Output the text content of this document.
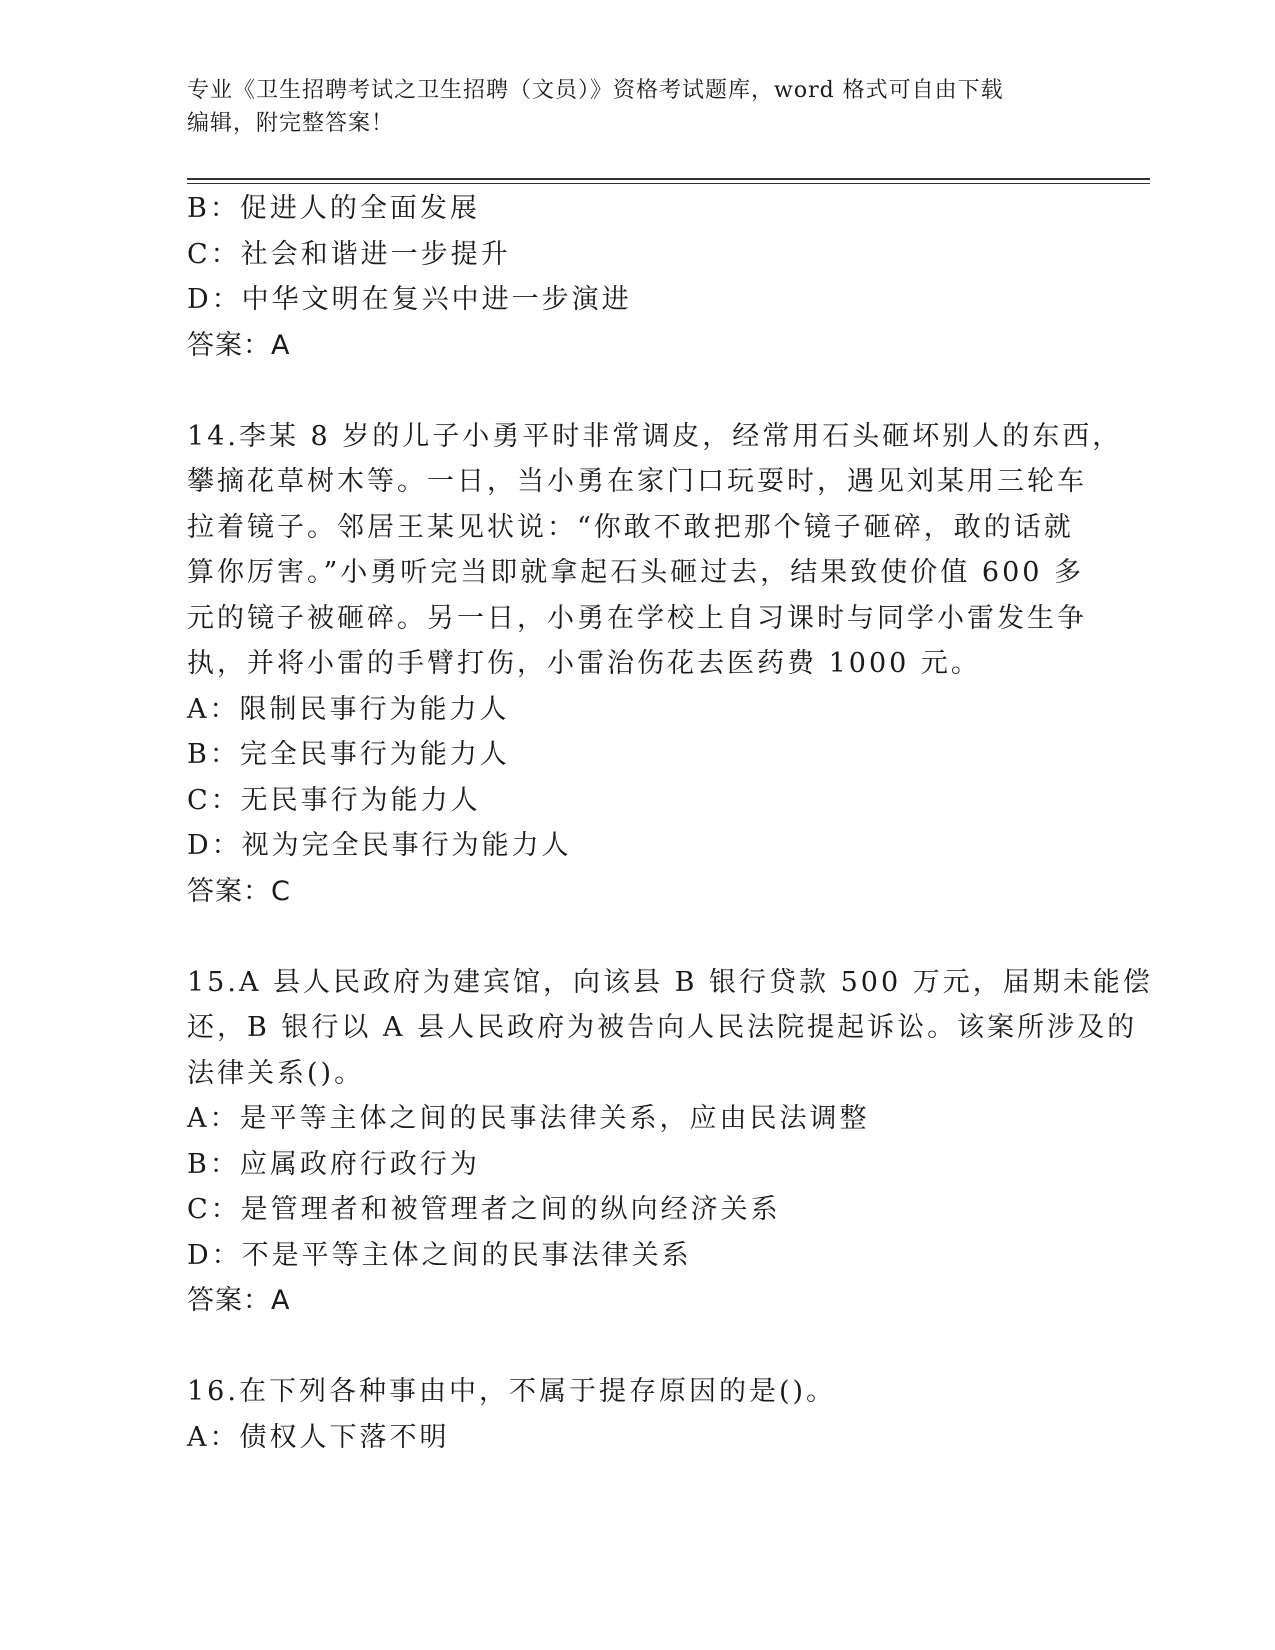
专业《卫生招聘考试之卫生招聘（文员）》资格考试题库，word 格式可自由下载
编辑，附完整答案！
B：促进人的全面发展
C：社会和谐进一步提升
D：中华文明在复兴中进一步演进
答案：A
14.李某 8 岁的儿子小勇平时非常调皮，经常用石头砸坏别人的东西，
攀摘花草树木等。一日，当小勇在家门口玩耍时，遇见刘某用三轮车
拉着镜子。邻居王某见状说：“你敢不敢把那个镜子砸碎，敢的话就
算你厉害。”小勇听完当即就拿起石头砸过去，结果致使价值 600 多
元的镜子被砸碎。另一日，小勇在学校上自习课时与同学小雷发生争
执，并将小雷的手臂打伤，小雷治伤花去医药费 1000 元。
A：限制民事行为能力人
B：完全民事行为能力人
C：无民事行为能力人
D：视为完全民事行为能力人
答案：C
15.A 县人民政府为建宾馆，向该县 B 银行贷款 500 万元，届期未能偿
还，B 银行以 A 县人民政府为被告向人民法院提起诉讼。该案所涉及的
法律关系()。
A：是平等主体之间的民事法律关系，应由民法调整
B：应属政府行政行为
C：是管理者和被管理者之间的纵向经济关系
D：不是平等主体之间的民事法律关系
答案：A
16.在下列各种事由中，不属于提存原因的是()。
A：债权人下落不明
